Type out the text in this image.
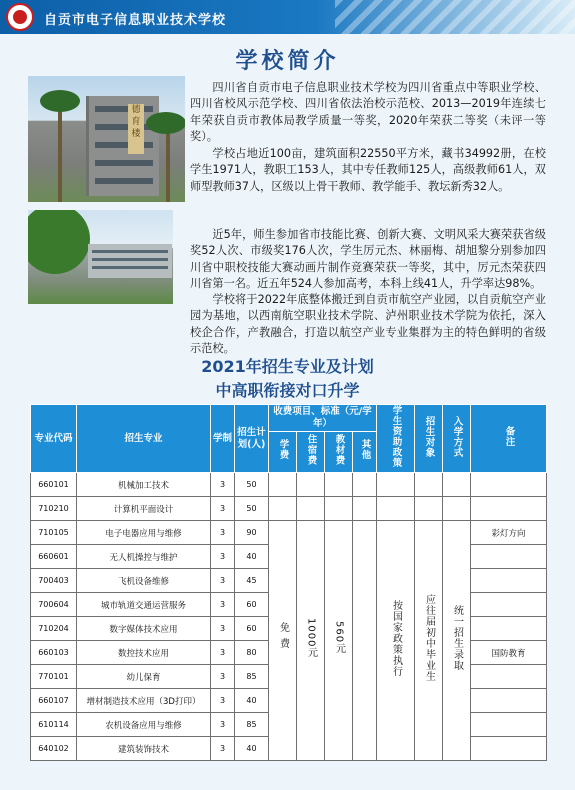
自贡市电子信息职业技术学校
学校简介
德育楼

四川省自贡市电子信息职业技术学校为四川省重点中等职业学校、四川省校风示范学校、四川省依法治校示范校、2013—2019年连续七年荣获自贡市教体局教学质量一等奖，2020年荣获二等奖（未评一等奖）。

学校占地近100亩，建筑面积22550平方米，藏书34992册，在校学生1971人，教职工153人，其中专任教师125人，高级教师61人，双师型教师37人，区级以上骨干教师、教学能手、教坛新秀32人。

近5年，师生参加省市技能比赛、创新大赛、文明风采大赛荣获省级奖52人次、市级奖176人次，学生厉元杰、林丽梅、胡旭黎分别参加四川省中职校技能大赛动画片制作竞赛荣获一等奖，其中，厉元杰荣获四川省第一名。近五年524人参加高考，本科上线41人，升学率达98%。

学校将于2022年底整体搬迁到自贡市航空产业园，以自贡航空产业园为基地，以西南航空职业技术学院、泸州职业技术学院为依托，深入校企合作，产教融合，打造以航空产业专业集群为主的特色鲜明的省级示范校。

2021年招生专业及计划
中高职衔接对口升学
专业代码	招生专业	学制	招生计划(人)	收费项目、标准（元/学年）				学生资助政策	招生对象	入学方式	备注
				学费	住宿费	教材费	其他				
660101	机械加工技术	3	50								
710210	计算机平面设计	3	50								
710105	电子电器应用与维修	3	90	免费	1000元	560元		按国家政策执行	应往届初中毕业生	统一招生录取	彩灯方向
660601	无人机操控与维护	3	40								
700403	飞机设备维修	3	45								
700604	城市轨道交通运营服务	3	60								
710204	数字媒体技术应用	3	60								
660103	数控技术应用	3	80								国防教育
770101	幼儿保育	3	85								
660107	增材制造技术应用（3D打印）	3	40								
610114	农机设备应用与维修	3	85								
640102	建筑装饰技术	3	40								
